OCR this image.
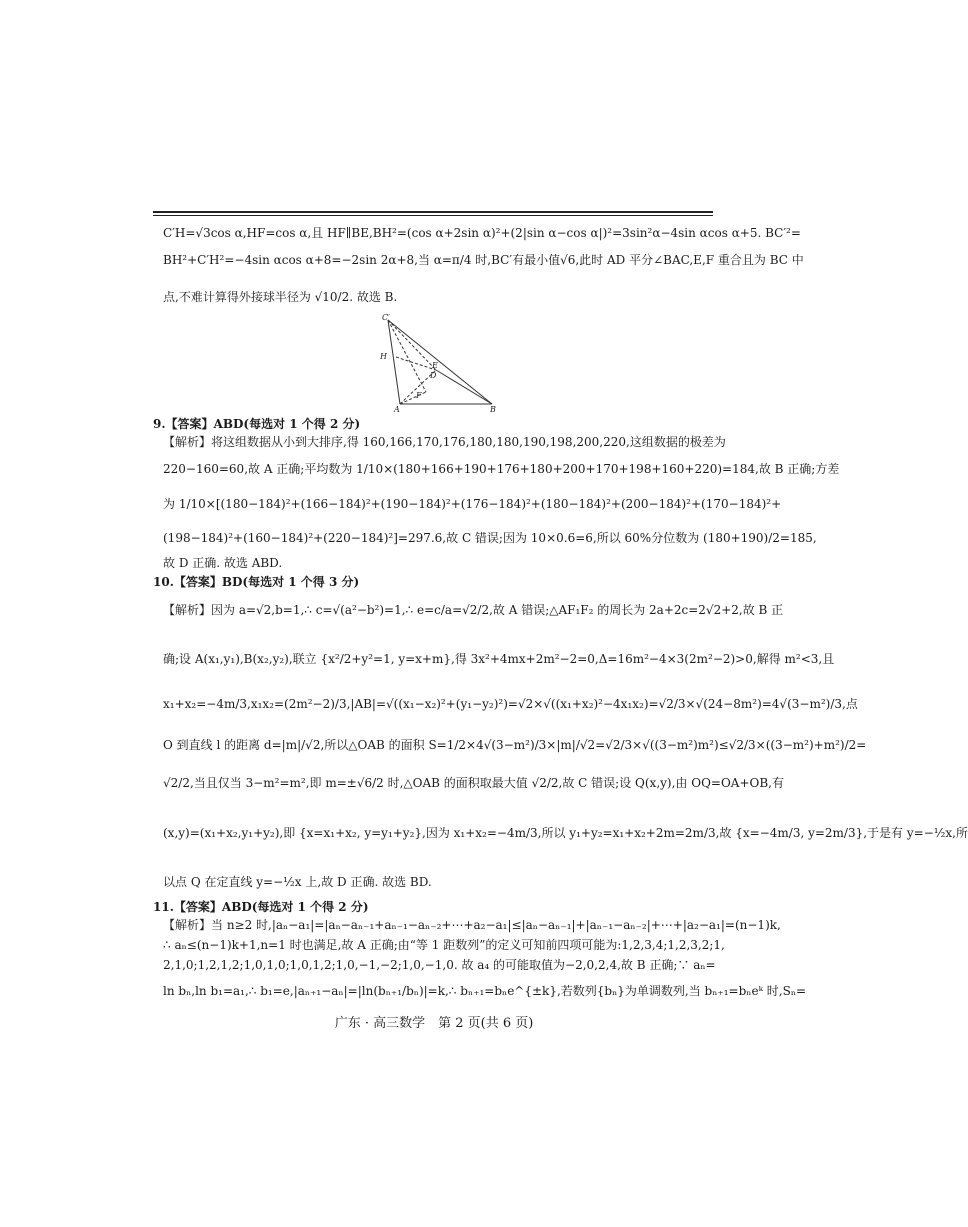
C′H=√3cos α,HF=cos α,且 HF∥BE,BH²=(cos α+2sin α)²+(2|sin α−cos α|)²=3sin²α−4sin αcos α+5. BC′²=
BH²+C′H²=−4sin αcos α+8=−2sin 2α+8,当 α=π/4 时,BC′有最小值√6,此时 AD 平分∠BAC,E,F 重合且为 BC 中
点,不难计算得外接球半径为 √10/2. 故选 B.
C′
H
A	B
D
E
F
9.【答案】ABD(每选对 1 个得 2 分)
【解析】将这组数据从小到大排序,得 160,166,170,176,180,180,190,198,200,220,这组数据的极差为
220−160=60,故 A 正确;平均数为 1/10×(180+166+190+176+180+200+170+198+160+220)=184,故 B 正确;方差
为 1/10×[(180−184)²+(166−184)²+(190−184)²+(176−184)²+(180−184)²+(200−184)²+(170−184)²+
(198−184)²+(160−184)²+(220−184)²]=297.6,故 C 错误;因为 10×0.6=6,所以 60%分位数为 (180+190)/2=185,
故 D 正确. 故选 ABD.
10.【答案】BD(每选对 1 个得 3 分)
【解析】因为 a=√2,b=1,∴ c=√(a²−b²)=1,∴ e=c/a=√2/2,故 A 错误;△AF₁F₂ 的周长为 2a+2c=2√2+2,故 B 正
确;设 A(x₁,y₁),B(x₂,y₂),联立 {x²/2+y²=1, y=x+m},得 3x²+4mx+2m²−2=0,Δ=16m²−4×3(2m²−2)>0,解得 m²<3,且
x₁+x₂=−4m/3,x₁x₂=(2m²−2)/3,|AB|=√((x₁−x₂)²+(y₁−y₂)²)=√2×√((x₁+x₂)²−4x₁x₂)=√2/3×√(24−8m²)=4√(3−m²)/3,点
O 到直线 l 的距离 d=|m|/√2,所以△OAB 的面积 S=1/2×4√(3−m²)/3×|m|/√2=√2/3×√((3−m²)m²)≤√2/3×((3−m²)+m²)/2=
√2/2,当且仅当 3−m²=m²,即 m=±√6/2 时,△OAB 的面积取最大值 √2/2,故 C 错误;设 Q(x,y),由 OQ=OA+OB,有
(x,y)=(x₁+x₂,y₁+y₂),即 {x=x₁+x₂, y=y₁+y₂},因为 x₁+x₂=−4m/3,所以 y₁+y₂=x₁+x₂+2m=2m/3,故 {x=−4m/3, y=2m/3},于是有 y=−½x,所
以点 Q 在定直线 y=−½x 上,故 D 正确. 故选 BD.
11.【答案】ABD(每选对 1 个得 2 分)
【解析】当 n≥2 时,|aₙ−a₁|=|aₙ−aₙ₋₁+aₙ₋₁−aₙ₋₂+⋯+a₂−a₁|≤|aₙ−aₙ₋₁|+|aₙ₋₁−aₙ₋₂|+⋯+|a₂−a₁|=(n−1)k,
∴ aₙ≤(n−1)k+1,n=1 时也满足,故 A 正确;由“等 1 距数列”的定义可知前四项可能为:1,2,3,4;1,2,3,2;1,
2,1,0;1,2,1,2;1,0,1,0;1,0,1,2;1,0,−1,−2;1,0,−1,0. 故 a₄ 的可能取值为−2,0,2,4,故 B 正确;∵ aₙ=
ln bₙ,ln b₁=a₁,∴ b₁=e,|aₙ₊₁−aₙ|=|ln(bₙ₊₁/bₙ)|=k,∴ bₙ₊₁=bₙe^{±k},若数列{bₙ}为单调数列,当 bₙ₊₁=bₙeᵏ 时,Sₙ=
广东 · 高三数学　第 2 页(共 6 页)
